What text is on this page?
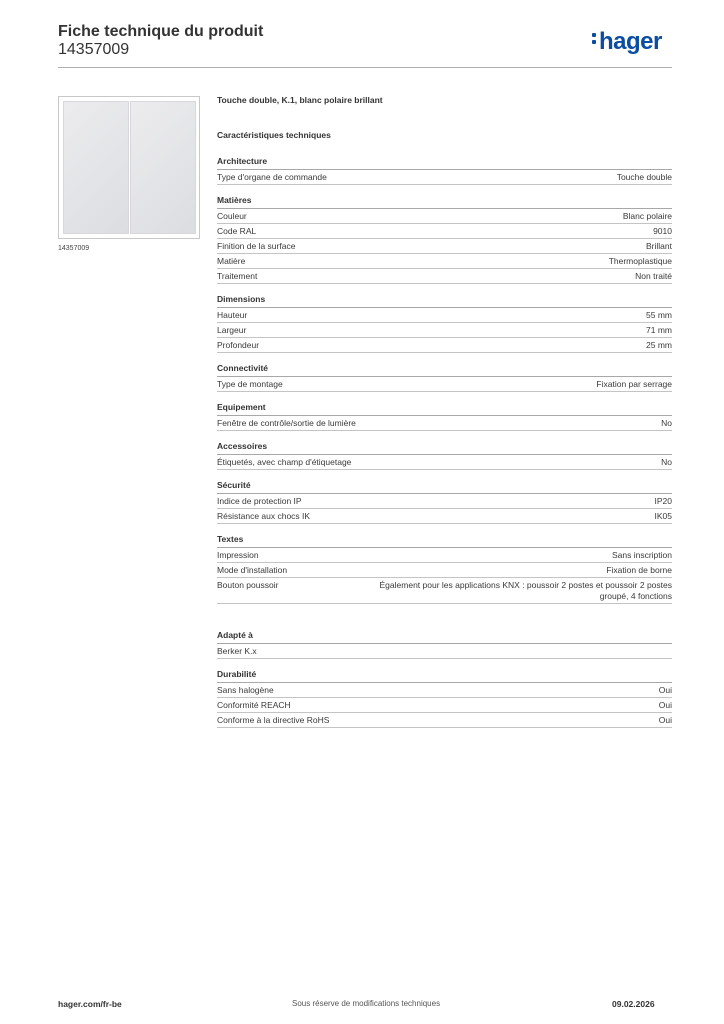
Fiche technique du produit
14357009	hager
14357009
Touche double, K.1, blanc polaire brillant
Caractéristiques techniques
Architecture
Type d'organe de commande	Touche double
Matières
Couleur	Blanc polaire
Code RAL	9010
Finition de la surface	Brillant
Matière	Thermoplastique
Traitement	Non traité
Dimensions
Hauteur	55 mm
Largeur	71 mm
Profondeur	25 mm
Connectivité
Type de montage	Fixation par serrage
Equipement
Fenêtre de contrôle/sortie de lumière	No
Accessoires
Étiquetés, avec champ d'étiquetage	No
Sécurité
Indice de protection IP	IP20
Résistance aux chocs IK	IK05
Textes
Impression	Sans inscription
Mode d'installation	Fixation de borne
Bouton poussoir	Également pour les applications KNX : poussoir 2 postes et poussoir 2 postes groupé, 4 fonctions
Adapté à
Berker K.x
Durabilité
Sans halogène	Oui
Conformité REACH	Oui
Conforme à la directive RoHS	Oui
hager.com/fr-be	Sous réserve de modifications techniques	09.02.2026
